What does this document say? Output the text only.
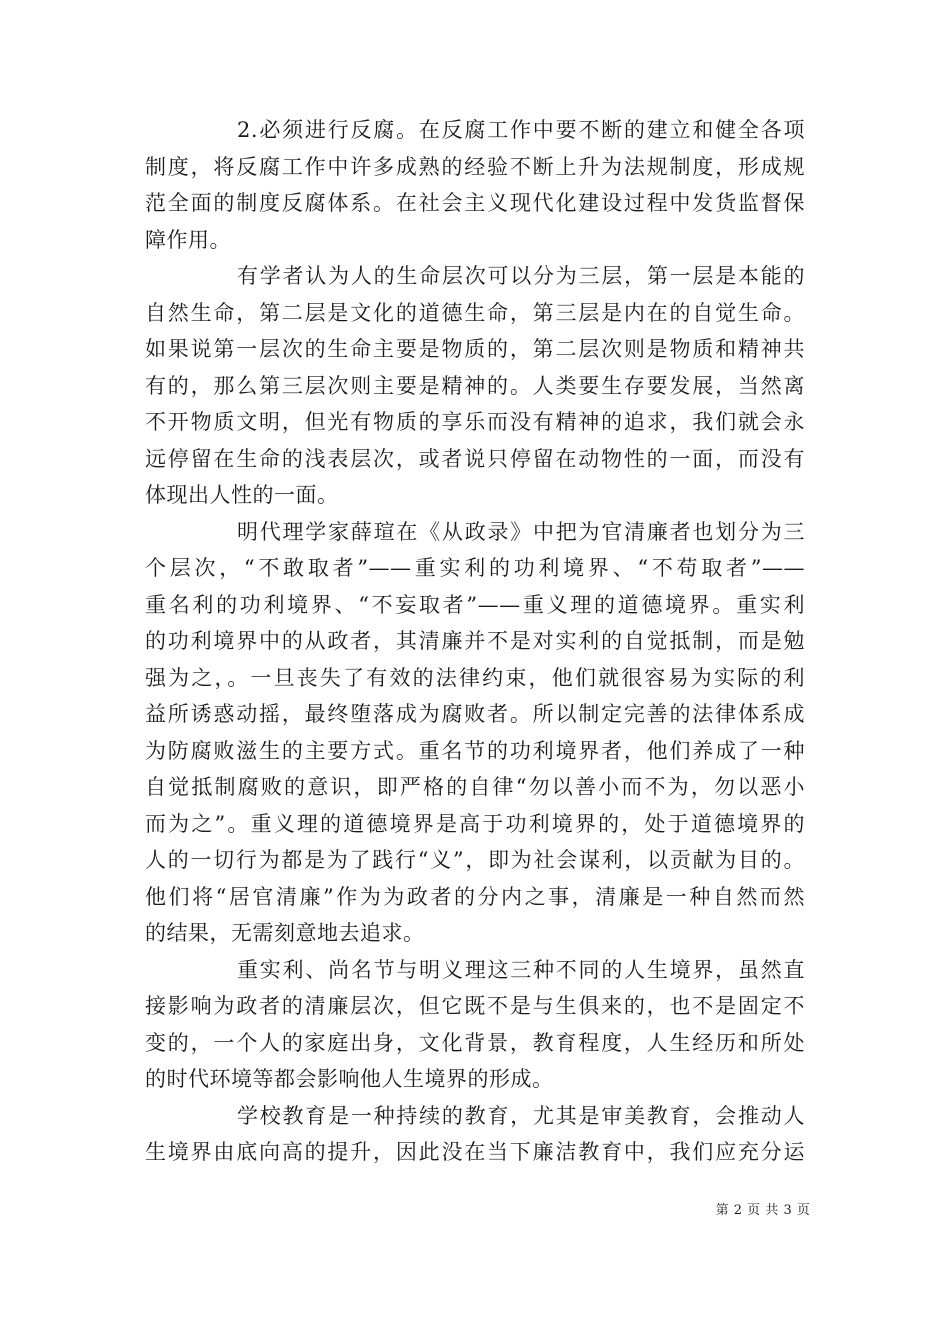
2.必须进行反腐。在反腐工作中要不断的建立和健全各项
制度，将反腐工作中许多成熟的经验不断上升为法规制度，形成规
范全面的制度反腐体系。在社会主义现代化建设过程中发货监督保
障作用。
有学者认为人的生命层次可以分为三层，第一层是本能的
自然生命，第二层是文化的道德生命，第三层是内在的自觉生命。
如果说第一层次的生命主要是物质的，第二层次则是物质和精神共
有的，那么第三层次则主要是精神的。人类要生存要发展，当然离
不开物质文明，但光有物质的享乐而没有精神的追求，我们就会永
远停留在生命的浅表层次，或者说只停留在动物性的一面，而没有
体现出人性的一面。
明代理学家薛瑄在《从政录》中把为官清廉者也划分为三
个层次，“不敢取者”——重实利的功利境界、“不苟取者”——
重名利的功利境界、“不妄取者”——重义理的道德境界。重实利
的功利境界中的从政者，其清廉并不是对实利的自觉抵制，而是勉
强为之，。一旦丧失了有效的法律约束，他们就很容易为实际的利
益所诱惑动摇，最终堕落成为腐败者。所以制定完善的法律体系成
为防腐败滋生的主要方式。重名节的功利境界者，他们养成了一种
自觉抵制腐败的意识，即严格的自律“勿以善小而不为，勿以恶小
而为之”。重义理的道德境界是高于功利境界的，处于道德境界的
人的一切行为都是为了践行“义”，即为社会谋利，以贡献为目的。
他们将“居官清廉”作为为政者的分内之事，清廉是一种自然而然
的结果，无需刻意地去追求。
重实利、尚名节与明义理这三种不同的人生境界，虽然直
接影响为政者的清廉层次，但它既不是与生俱来的，也不是固定不
变的，一个人的家庭出身，文化背景，教育程度，人生经历和所处
的时代环境等都会影响他人生境界的形成。
学校教育是一种持续的教育，尤其是审美教育，会推动人
生境界由底向高的提升，因此没在当下廉洁教育中，我们应充分运
第 2 页 共 3 页
